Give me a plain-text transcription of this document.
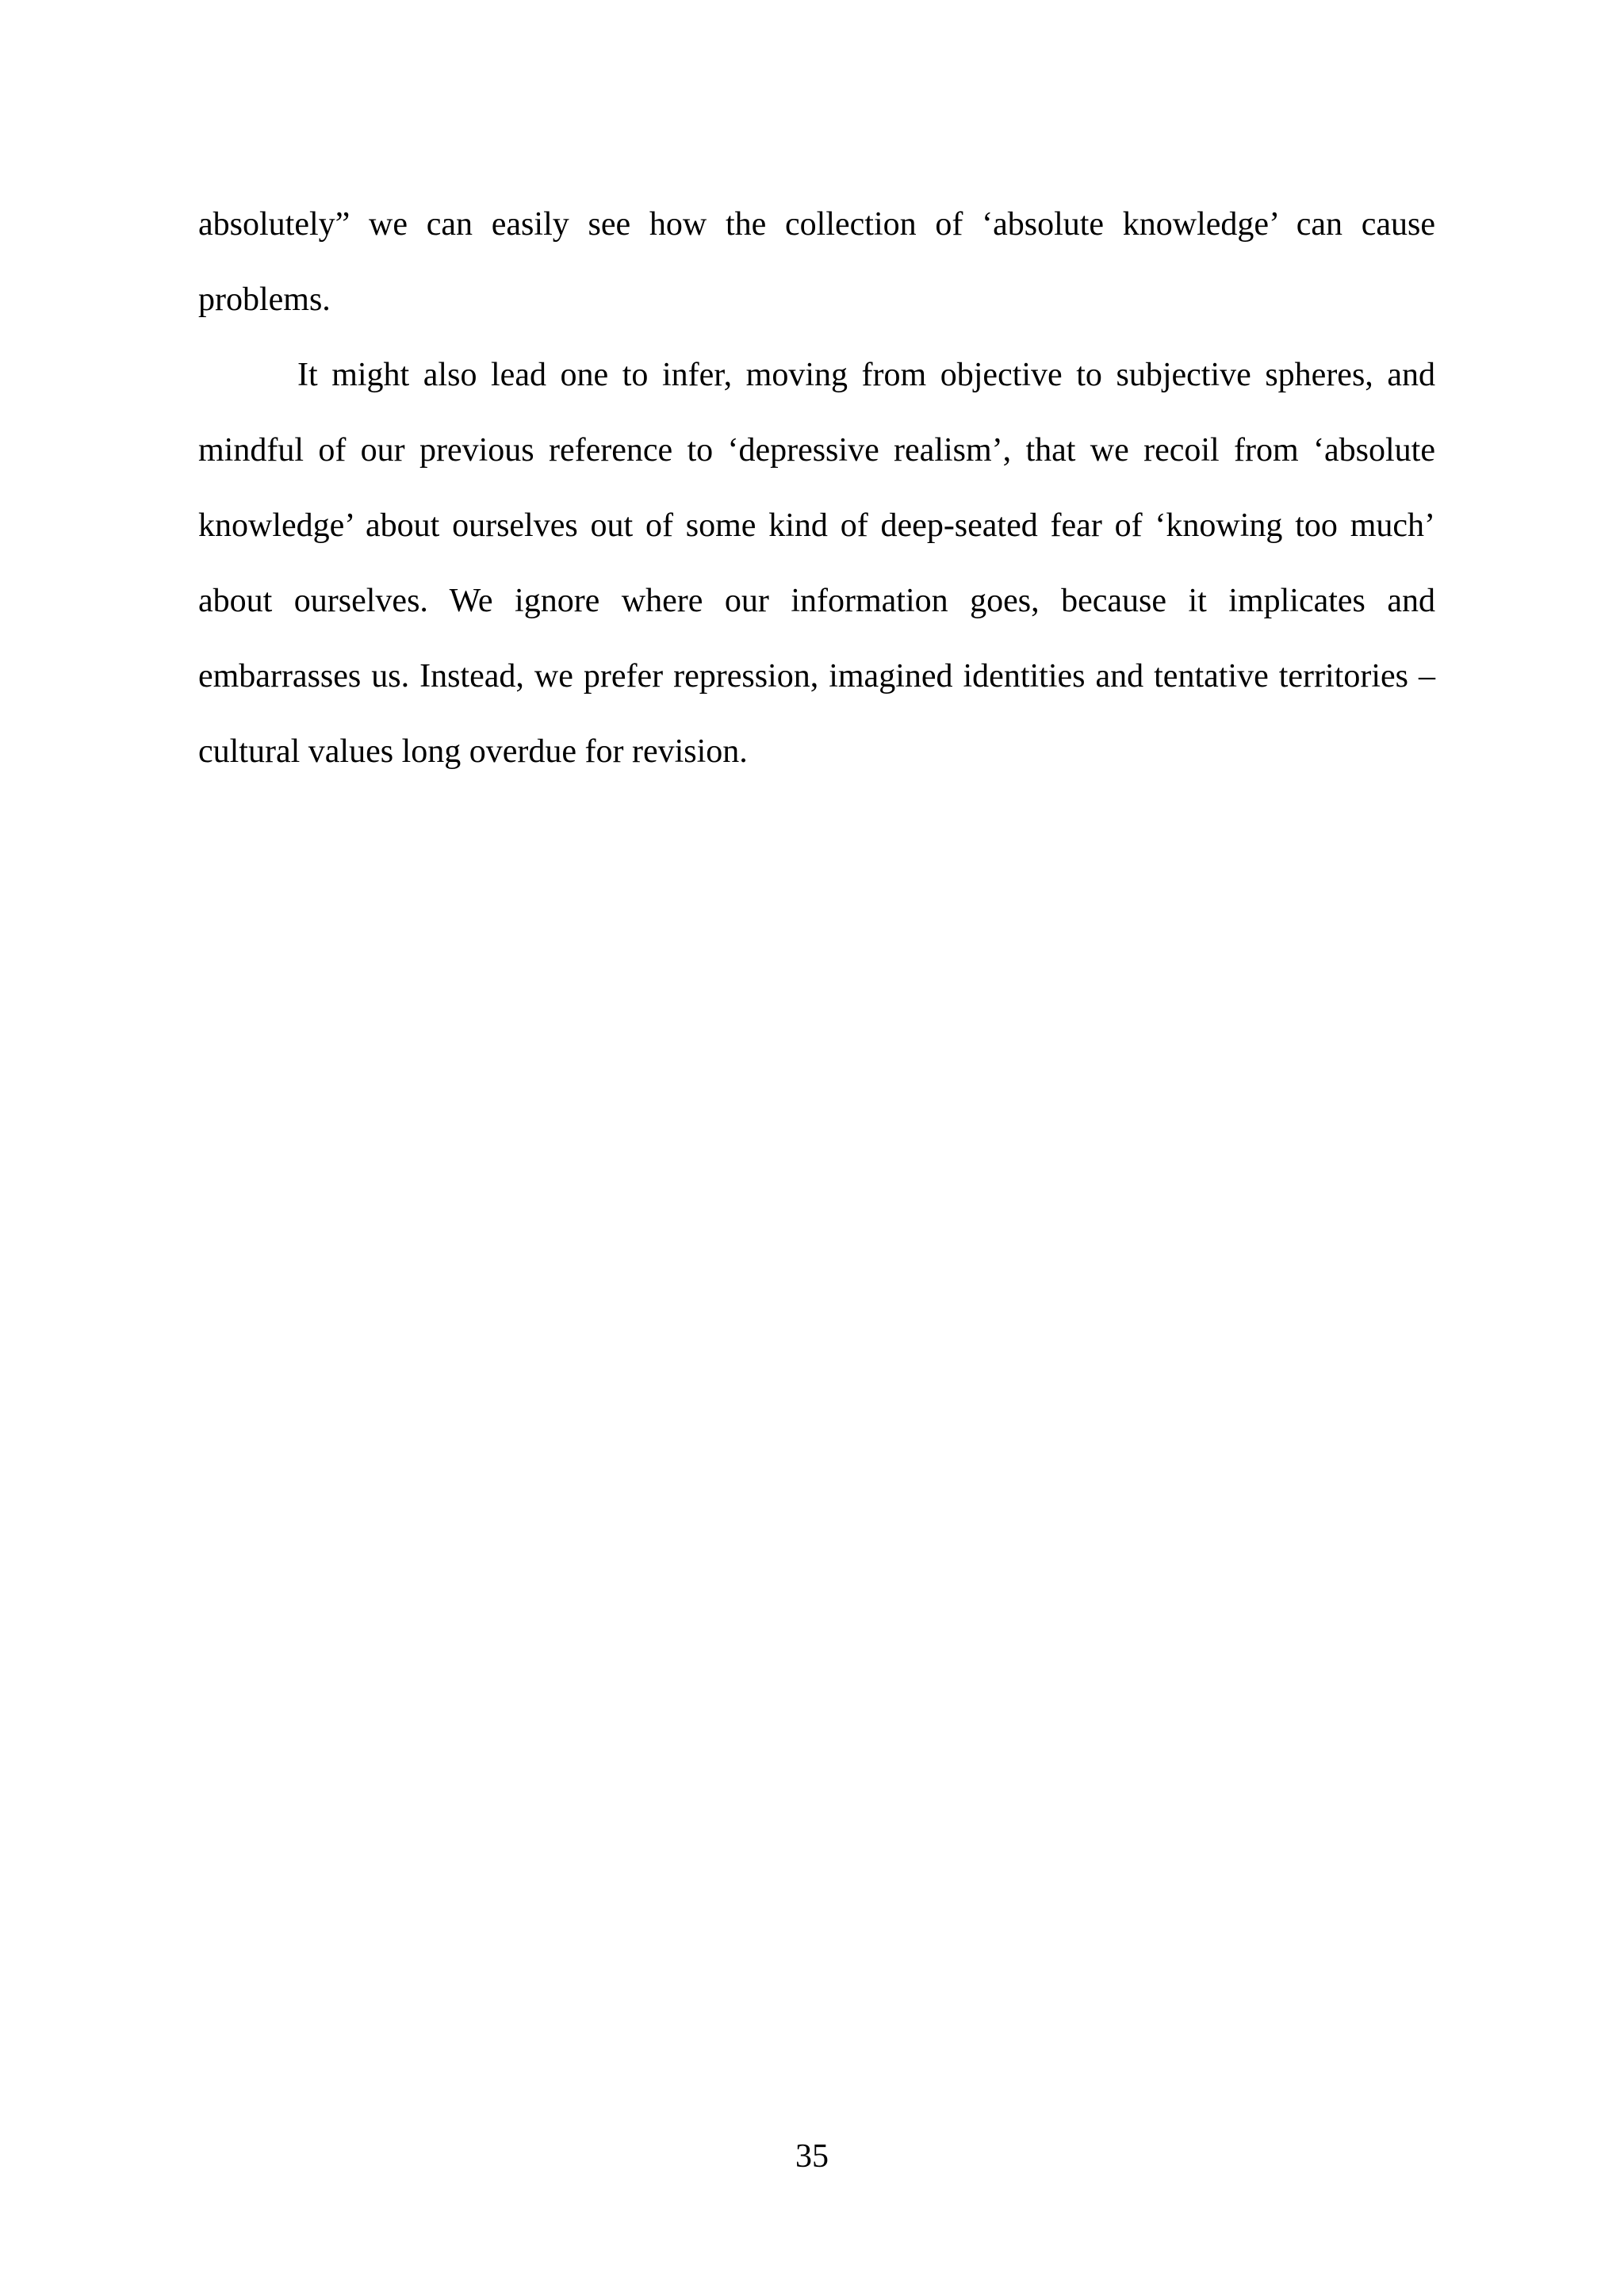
absolutely” we can easily see how the collection of ‘absolute knowledge’ can cause problems.

It might also lead one to infer, moving from objective to subjective spheres, and mindful of our previous reference to ‘depressive realism’, that we recoil from ‘absolute knowledge’ about ourselves out of some kind of deep-seated fear of ‘knowing too much’ about ourselves. We ignore where our information goes, because it implicates and embarrasses us. Instead, we prefer repression, imagined identities and tentative territories – cultural values long overdue for revision.

35
